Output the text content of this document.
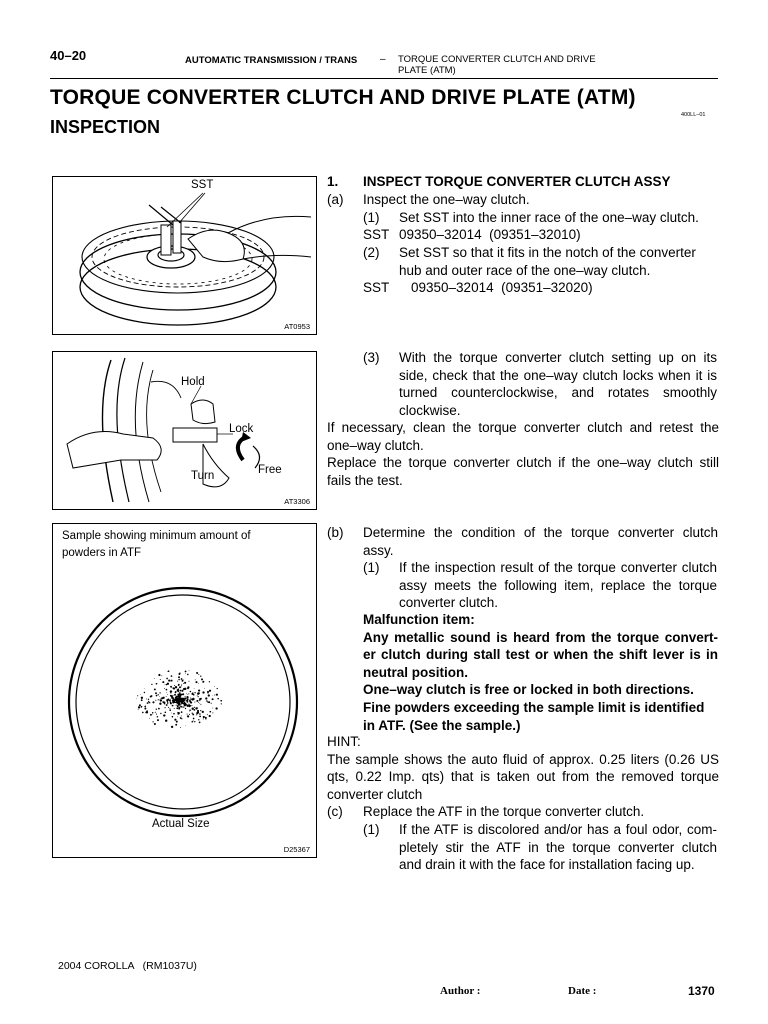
40–20	AUTOMATIC TRANSMISSION / TRANS – TORQUE CONVERTER CLUTCH AND DRIVE
PLATE (ATM)
TORQUE CONVERTER CLUTCH AND DRIVE PLATE (ATM)
INSPECTION
400LL–01
SST
AT0953
Hold
Lock
Free
Turn
AT3306
Sample showing minimum amount of
powders in ATF
Actual Size
D25367
1. INSPECT TORQUE CONVERTER CLUTCH ASSY
(a) Inspect the one–way clutch.
(1) Set SST into the inner race of the one–way clutch.
SST 09350–32014  (09351–32010)
(2) Set SST so that it fits in the notch of the converter
hub and outer race of the one–way clutch.
SST 09350–32014  (09351–32020)
(3) With the torque converter clutch setting up on its
side, check that the one–way clutch locks when it is
turned counterclockwise, and rotates smoothly
clockwise.
If necessary, clean the torque converter clutch and retest the
one–way clutch.
Replace the torque converter clutch if the one–way clutch still
fails the test.
(b) Determine the condition of the torque converter clutch
assy.
(1) If the inspection result of the torque converter clutch
assy meets the following item, replace the torque
converter clutch.
Malfunction item:
Any metallic sound is heard from the torque convert-
er clutch during stall test or when the shift lever is in
neutral position.
One–way clutch is free or locked in both directions.
Fine powders exceeding the sample limit is identified
in ATF. (See the sample.)
HINT:
The sample shows the auto fluid of approx. 0.25 liters (0.26 US
qts, 0.22 Imp. qts) that is taken out from the removed torque
converter clutch
(c) Replace the ATF in the torque converter clutch.
(1) If the ATF is discolored and/or has a foul odor, com-
pletely stir the ATF in the torque converter clutch
and drain it with the face for installation facing up.
2004 COROLLA   (RM1037U)
Author :	Date :	1370
